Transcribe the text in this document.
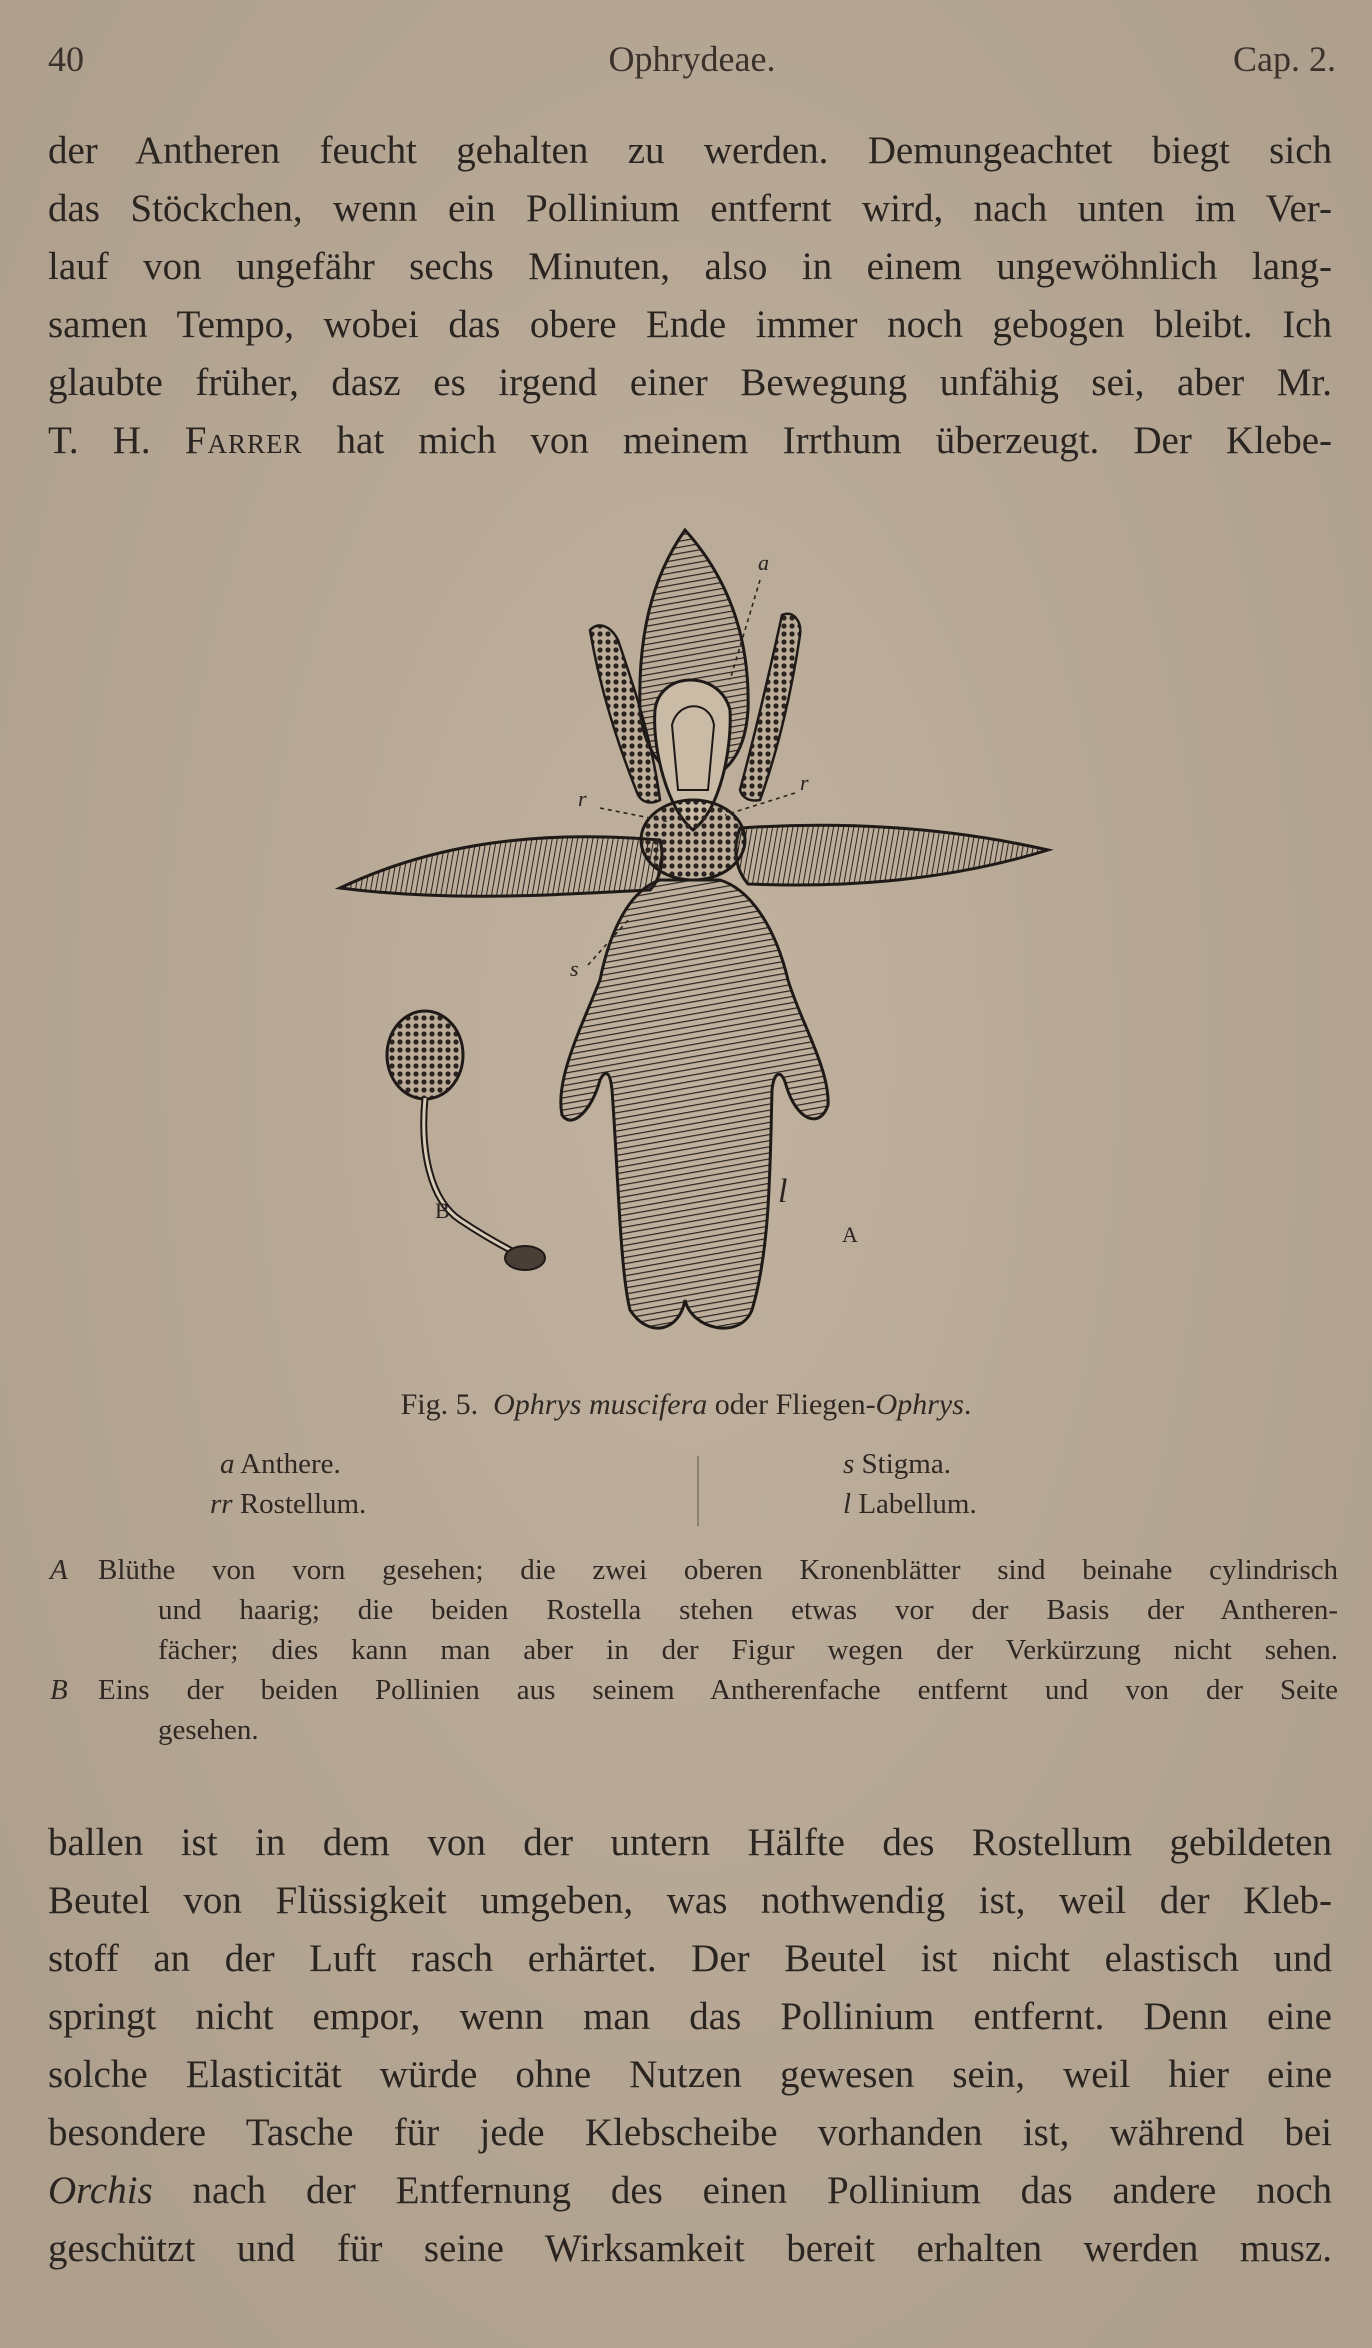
40	Ophrydeae.	Cap. 2.
der Antheren feucht gehalten zu werden. Demungeachtet biegt sich
das Stöckchen, wenn ein Pollinium entfernt wird, nach unten im Ver-
lauf von ungefähr sechs Minuten, also in einem ungewöhnlich lang-
samen Tempo, wobei das obere Ende immer noch gebogen bleibt. Ich
glaubte früher, dasz es irgend einer Bewegung unfähig sei, aber Mr.
T. H. Farrer hat mich von meinem Irrthum überzeugt. Der Klebe-
a
r
r
s
l
A
B
Fig. 5. Ophrys muscifera oder Fliegen-Ophrys.
a Anthere.
rr Rostellum.
s Stigma.
l Labellum.
A Blüthe von vorn gesehen; die zwei oberen Kronenblätter sind beinahe cylindrisch
und haarig; die beiden Rostella stehen etwas vor der Basis der Antheren-
fächer; dies kann man aber in der Figur wegen der Verkürzung nicht sehen.
B Eins der beiden Pollinien aus seinem Antherenfache entfernt und von der Seite
gesehen.
ballen ist in dem von der untern Hälfte des Rostellum gebildeten
Beutel von Flüssigkeit umgeben, was nothwendig ist, weil der Kleb-
stoff an der Luft rasch erhärtet. Der Beutel ist nicht elastisch und
springt nicht empor, wenn man das Pollinium entfernt. Denn eine
solche Elasticität würde ohne Nutzen gewesen sein, weil hier eine
besondere Tasche für jede Klebscheibe vorhanden ist, während bei
Orchis nach der Entfernung des einen Pollinium das andere noch
geschützt und für seine Wirksamkeit bereit erhalten werden musz.
